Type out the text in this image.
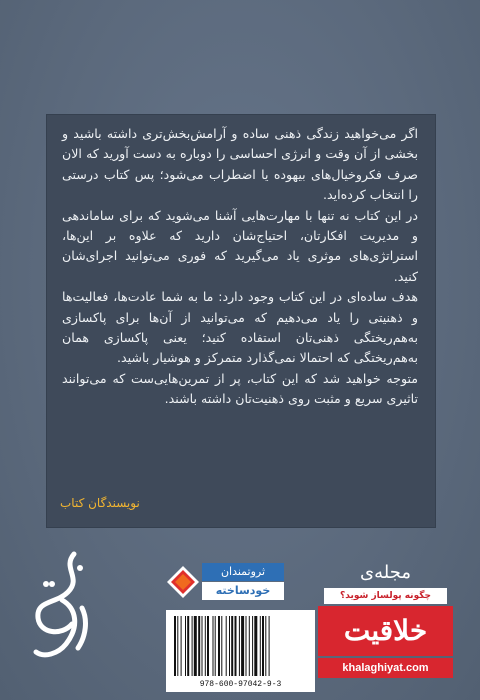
اگر می‌خواهید زندگی ذهنی ساده و آرامش‌بخش‌تری داشته باشید و بخشی از آن وقت و انرژی احساسی را دوباره به دست آورید که الان صرف فکروخیال‌های بیهوده یا اضطراب می‌شود؛ پس کتاب درستی را انتخاب کرده‌اید.

در این کتاب نه تنها با مهارت‌هایی آشنا می‌شوید که برای ساماندهی و مدیریت افکارتان، احتیاج‌شان دارید که علاوه بر این‌ها، استراتژی‌های موثری یاد می‌گیرید که فوری می‌توانید اجرای‌شان کنید.

هدف ساده‌ای در این کتاب وجود دارد: ما به شما عادت‌ها، فعالیت‌ها و ذهنیتی را یاد می‌دهیم که می‌توانید از آن‌ها برای پاکسازی به‌هم‌ریختگی ذهنی‌تان استفاده کنید؛ یعنی پاکسازی همان به‌هم‌ریختگی که احتمالا نمی‌گذارد متمرکز و هوشیار باشید.

متوجه خواهید شد که این کتاب، پر از تمرین‌هایی‌ست که می‌توانند تاثیری سریع و مثبت روی ذهنیت‌تان داشته باشند.

نویسندگان کتاب
ثروتمندان
خودساخته
مجله‌ی
چگونه پولساز شوید؟
خلاقیت
khalaghiyat.com
978-600-97042-9-3
